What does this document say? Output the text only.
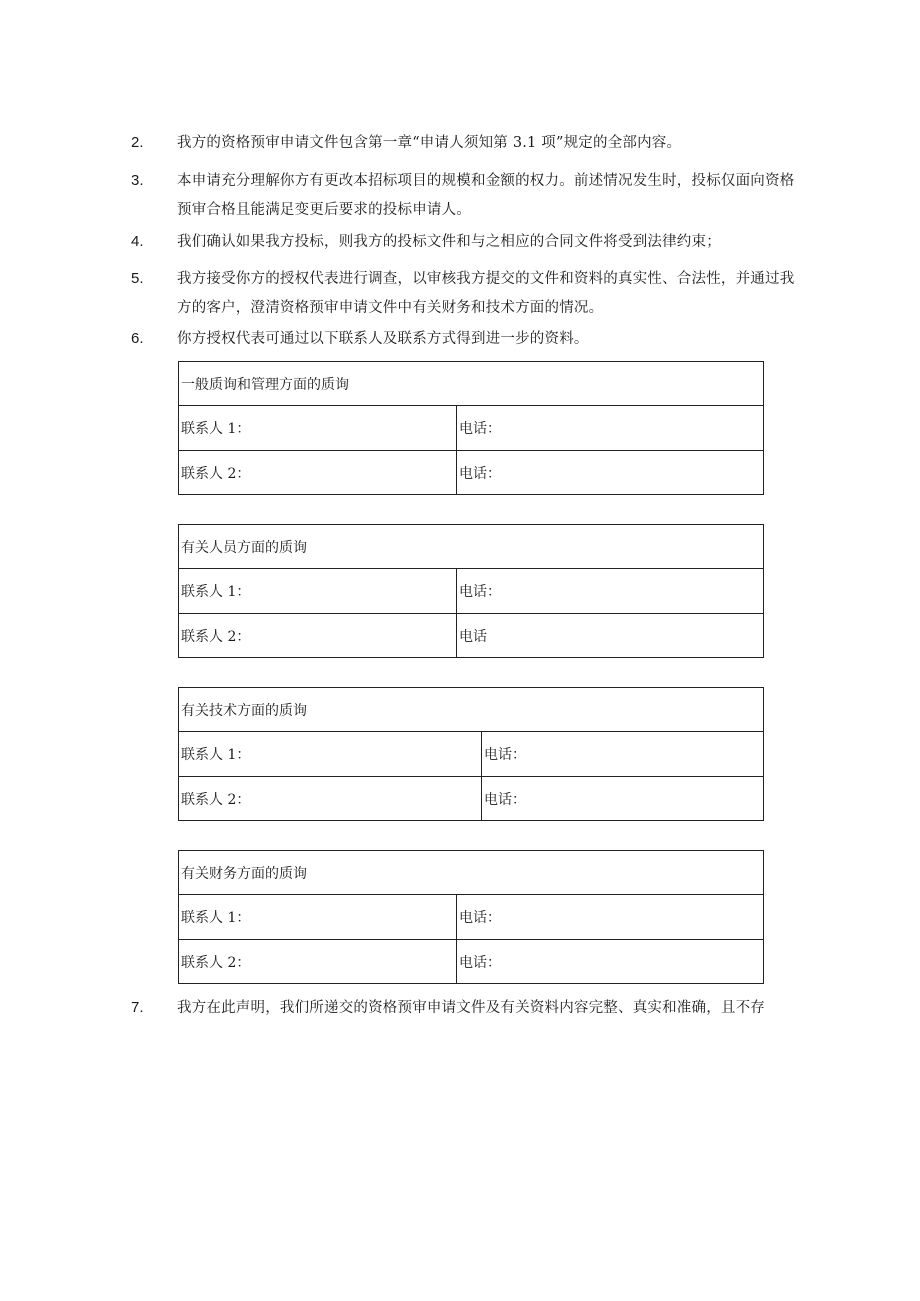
2. 我方的资格预审申请文件包含第一章“申请人须知第 3.1 项”规定的全部内容。
3. 本申请充分理解你方有更改本招标项目的规模和金额的权力。前述情况发生时，投标仅面向资格预审合格且能满足变更后要求的投标申请人。
4. 我们确认如果我方投标，则我方的投标文件和与之相应的合同文件将受到法律约束；
5. 我方接受你方的授权代表进行调查，以审核我方提交的文件和资料的真实性、合法性，并通过我方的客户，澄清资格预审申请文件中有关财务和技术方面的情况。
6. 你方授权代表可通过以下联系人及联系方式得到进一步的资料。
一般质询和管理方面的质询
联系人 1：	电话：
联系人 2：	电话：
有关人员方面的质询
联系人 1：	电话：
联系人 2：	电话
有关技术方面的质询
联系人 1：	电话：
联系人 2：	电话：
有关财务方面的质询
联系人 1：	电话：
联系人 2：	电话：
7. 我方在此声明，我们所递交的资格预审申请文件及有关资料内容完整、真实和准确，且不存
